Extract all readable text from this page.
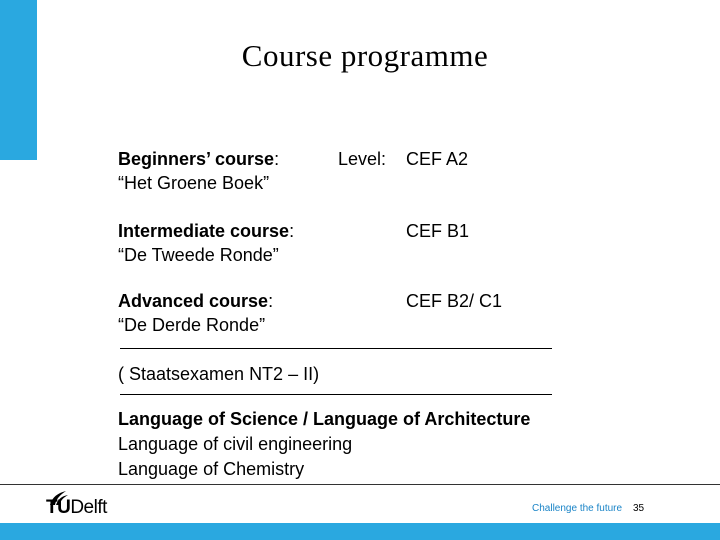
Course programme
Beginners’ course:
“Het Groene Boek”
Level: CEF A2
Intermediate course:
“De Tweede Ronde”
CEF B1
Advanced course:
“De Derde Ronde”
CEF B2/ C1
( Staatsexamen NT2 – II)
Language of Science / Language of Architecture
Language of civil engineering
Language of Chemistry
TUDelft	Challenge the future 35
